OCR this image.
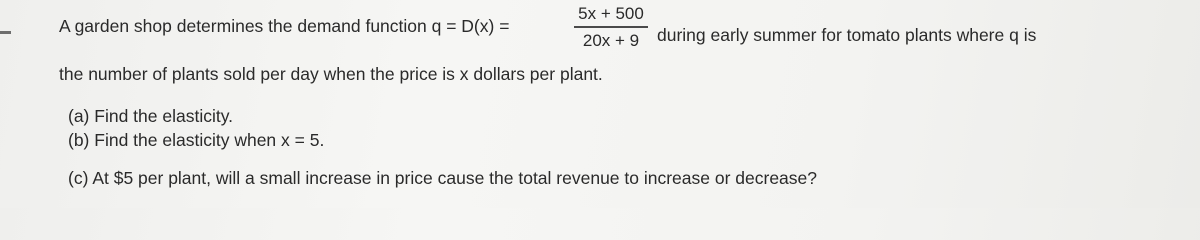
A garden shop determines the demand function q = D(x) =
5x + 500
20x + 9 during early summer for tomato plants where q is
the number of plants sold per day when the price is x dollars per plant.
(a) Find the elasticity.
(b) Find the elasticity when x = 5.
(c) At $5 per plant, will a small increase in price cause the total revenue to increase or decrease?
